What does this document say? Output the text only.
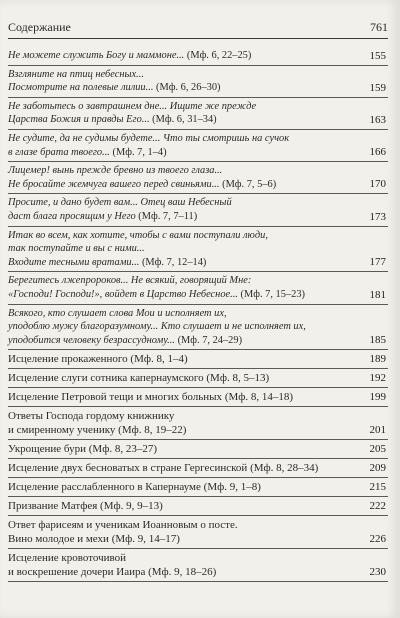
Содержание	761
Не можете служить Богу и маммоне... (Мф. 6, 22–25)	155
Взгляните на птиц небесных...
Посмотрите на полевые лилии... (Мф. 6, 26–30)	159
Не заботьтесь о завтрашнем дне... Ищите же прежде
Царства Божия и правды Его... (Мф. 6, 31–34)	163
Не судите, да не судимы будете... Что ты смотришь на сучок
в глазе брата твоего... (Мф. 7, 1–4)	166
Лицемер! вынь прежде бревно из твоего глаза...
Не бросайте жемчуга вашего перед свиньями... (Мф. 7, 5–6)	170
Просите, и дано будет вам... Отец ваш Небесный
даст блага просящим у Него (Мф. 7, 7–11)	173
Итак во всем, как хотите, чтобы с вами поступали люди,
так поступайте и вы с ними...
Входите тесными вратами... (Мф. 7, 12–14)	177
Берегитесь лжепророков... Не всякий, говорящий Мне:
«Господи! Господи!», войдет в Царство Небесное... (Мф. 7, 15–23)	181
Всякого, кто слушает слова Мои и исполняет их,
уподоблю мужу благоразумному... Кто слушает и не исполняет их,
уподобится человеку безрассудному... (Мф. 7, 24–29)	185
Исцеление прокаженного (Мф. 8, 1–4)	189
Исцеление слуги сотника капернаумского (Мф. 8, 5–13)	192
Исцеление Петровой тещи и многих больных (Мф. 8, 14–18)	199
Ответы Господа гордому книжнику
и смиренному ученику (Мф. 8, 19–22)	201
Укрощение бури (Мф. 8, 23–27)	205
Исцеление двух бесноватых в стране Гергесинской (Мф. 8, 28–34)	209
Исцеление расслабленного в Капернауме (Мф. 9, 1–8)	215
Призвание Матфея (Мф. 9, 9–13)	222
Ответ фарисеям и ученикам Иоанновым о посте.
Вино молодое и мехи (Мф. 9, 14–17)	226
Исцеление кровоточивой
и воскрешение дочери Иаира (Мф. 9, 18–26)	230
